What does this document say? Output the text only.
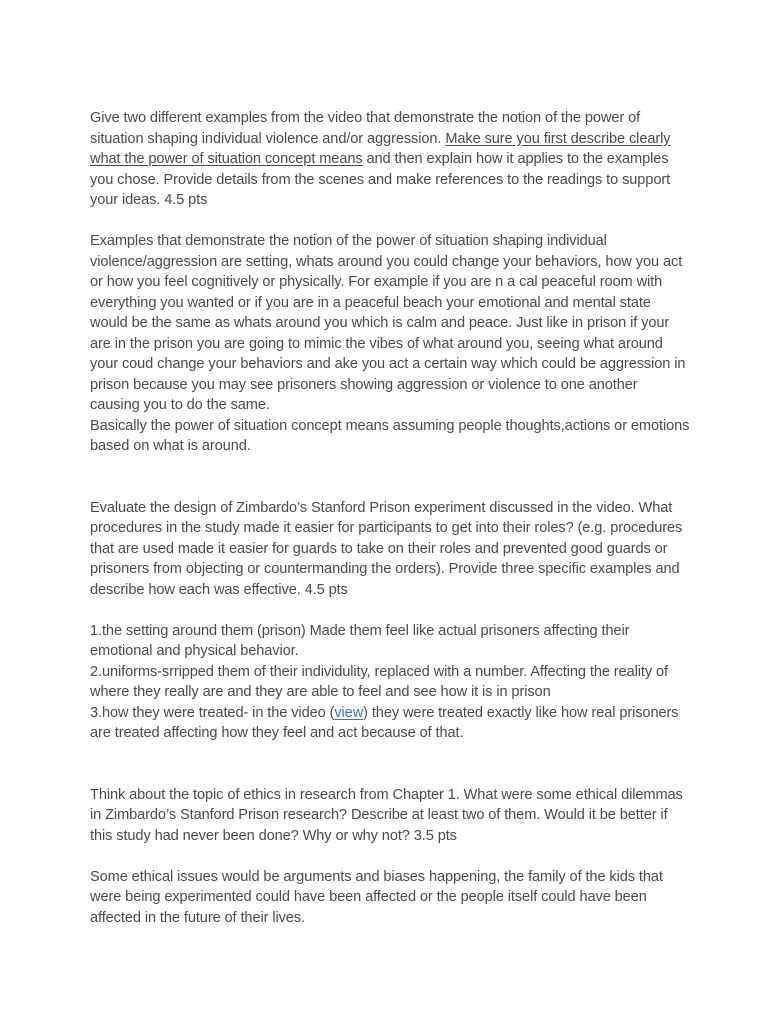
Give two different examples from the video that demonstrate the notion of the power of situation shaping individual violence and/or aggression. Make sure you first describe clearly what the power of situation concept means and then explain how it applies to the examples you chose. Provide details from the scenes and make references to the readings to support your ideas. 4.5 pts

Examples that demonstrate the notion of the power of situation shaping individual violence/aggression are setting, whats around you could change your behaviors, how you act or how you feel cognitively or physically. For example if you are n a cal peaceful room with everything you wanted or if you are in a peaceful beach your emotional and mental state would be the same as whats around you which is calm and peace. Just like in prison if your are in the prison you are going to mimic the vibes of what around you, seeing what around your coud change your behaviors and ake you act a certain way which could be aggression in prison because you may see prisoners showing aggression or violence to one another causing you to do the same.
Basically the power of situation concept means assuming people thoughts,actions or emotions based on what is around.

Evaluate the design of Zimbardo’s Stanford Prison experiment discussed in the video. What procedures in the study made it easier for participants to get into their roles? (e.g. procedures that are used made it easier for guards to take on their roles and prevented good guards or prisoners from objecting or countermanding the orders). Provide three specific examples and describe how each was effective. 4.5 pts

1.the setting around them (prison) Made them feel like actual prisoners affecting their emotional and physical behavior.

2.uniforms-srripped them of their individulity, replaced with a number. Affecting the reality of where they really are and they are able to feel and see how it is in prison

3.how they were treated- in the video (view) they were treated exactly like how real prisoners are treated affecting how they feel and act because of that.

Think about the topic of ethics in research from Chapter 1. What were some ethical dilemmas in Zimbardo’s Stanford Prison research? Describe at least two of them. Would it be better if this study had never been done? Why or why not? 3.5 pts

Some ethical issues would be arguments and biases happening, the family of the kids that were being experimented could have been affected or the people itself could have been affected in the future of their lives.
